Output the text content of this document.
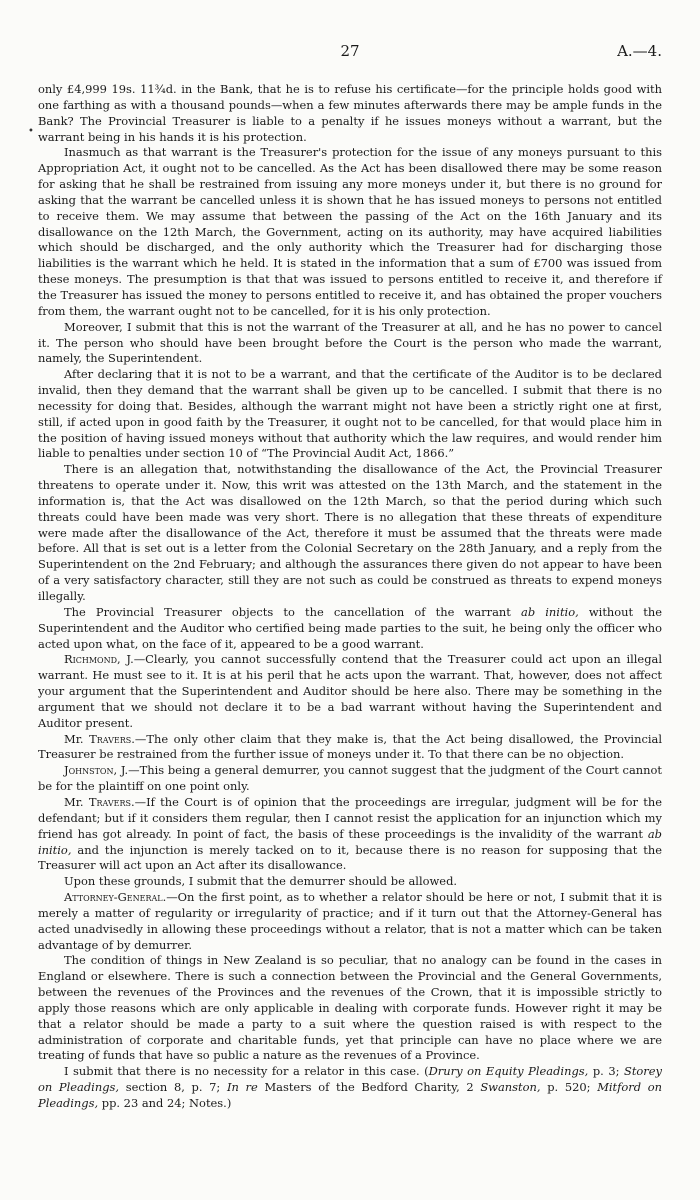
27	A.—4.
•

only £4,999 19s. 11¾d. in the Bank, that he is to refuse his certificate—for the principle holds good with one farthing as with a thousand pounds—when a few minutes afterwards there may be ample funds in the Bank? The Provincial Treasurer is liable to a penalty if he issues moneys without a warrant, but the warrant being in his hands it is his protection.

Inasmuch as that warrant is the Treasurer's protection for the issue of any moneys pursuant to this Appropriation Act, it ought not to be cancelled. As the Act has been disallowed there may be some reason for asking that he shall be restrained from issuing any more moneys under it, but there is no ground for asking that the warrant be cancelled unless it is shown that he has issued moneys to persons not entitled to receive them. We may assume that between the passing of the Act on the 16th January and its disallowance on the 12th March, the Government, acting on its authority, may have acquired liabilities which should be discharged, and the only authority which the Treasurer had for discharging those liabilities is the warrant which he held. It is stated in the information that a sum of £700 was issued from these moneys. The presumption is that that was issued to persons entitled to receive it, and therefore if the Treasurer has issued the money to persons entitled to receive it, and has obtained the proper vouchers from them, the warrant ought not to be cancelled, for it is his only protection.

Moreover, I submit that this is not the warrant of the Treasurer at all, and he has no power to cancel it. The person who should have been brought before the Court is the person who made the warrant, namely, the Superintendent.

After declaring that it is not to be a warrant, and that the certificate of the Auditor is to be declared invalid, then they demand that the warrant shall be given up to be cancelled. I submit that there is no necessity for doing that. Besides, although the warrant might not have been a strictly right one at first, still, if acted upon in good faith by the Treasurer, it ought not to be cancelled, for that would place him in the position of having issued moneys without that authority which the law requires, and would render him liable to penalties under section 10 of “The Provincial Audit Act, 1866.”

There is an allegation that, notwithstanding the disallowance of the Act, the Provincial Treasurer threatens to operate under it. Now, this writ was attested on the 13th March, and the statement in the information is, that the Act was disallowed on the 12th March, so that the period during which such threats could have been made was very short. There is no allegation that these threats of expenditure were made after the disallowance of the Act, therefore it must be assumed that the threats were made before. All that is set out is a letter from the Colonial Secretary on the 28th January, and a reply from the Superintendent on the 2nd February; and although the assurances there given do not appear to have been of a very satisfactory character, still they are not such as could be construed as threats to expend moneys illegally.

The Provincial Treasurer objects to the cancellation of the warrant ab initio, without the Superintendent and the Auditor who certified being made parties to the suit, he being only the officer who acted upon what, on the face of it, appeared to be a good warrant.

Richmond, J.—Clearly, you cannot successfully contend that the Treasurer could act upon an illegal warrant. He must see to it. It is at his peril that he acts upon the warrant. That, however, does not affect your argument that the Superintendent and Auditor should be here also. There may be something in the argument that we should not declare it to be a bad warrant without having the Superintendent and Auditor present.

Mr. Travers.—The only other claim that they make is, that the Act being disallowed, the Provincial Treasurer be restrained from the further issue of moneys under it. To that there can be no objection.

Johnston, J.—This being a general demurrer, you cannot suggest that the judgment of the Court cannot be for the plaintiff on one point only.

Mr. Travers.—If the Court is of opinion that the proceedings are irregular, judgment will be for the defendant; but if it considers them regular, then I cannot resist the application for an injunction which my friend has got already. In point of fact, the basis of these proceedings is the invalidity of the warrant ab initio, and the injunction is merely tacked on to it, because there is no reason for supposing that the Treasurer will act upon an Act after its disallowance.

Upon these grounds, I submit that the demurrer should be allowed.

Attorney-General.—On the first point, as to whether a relator should be here or not, I submit that it is merely a matter of regularity or irregularity of practice; and if it turn out that the Attorney-General has acted unadvisedly in allowing these proceedings without a relator, that is not a matter which can be taken advantage of by demurrer.

The condition of things in New Zealand is so peculiar, that no analogy can be found in the cases in England or elsewhere. There is such a connection between the Provincial and the General Governments, between the revenues of the Provinces and the revenues of the Crown, that it is impossible strictly to apply those reasons which are only applicable in dealing with corporate funds. However right it may be that a relator should be made a party to a suit where the question raised is with respect to the administration of corporate and charitable funds, yet that principle can have no place where we are treating of funds that have so public a nature as the revenues of a Province.

I submit that there is no necessity for a relator in this case. (Drury on Equity Pleadings, p. 3; Storey on Pleadings, section 8, p. 7; In re Masters of the Bedford Charity, 2 Swanston, p. 520; Mitford on Pleadings, pp. 23 and 24; Notes.)
